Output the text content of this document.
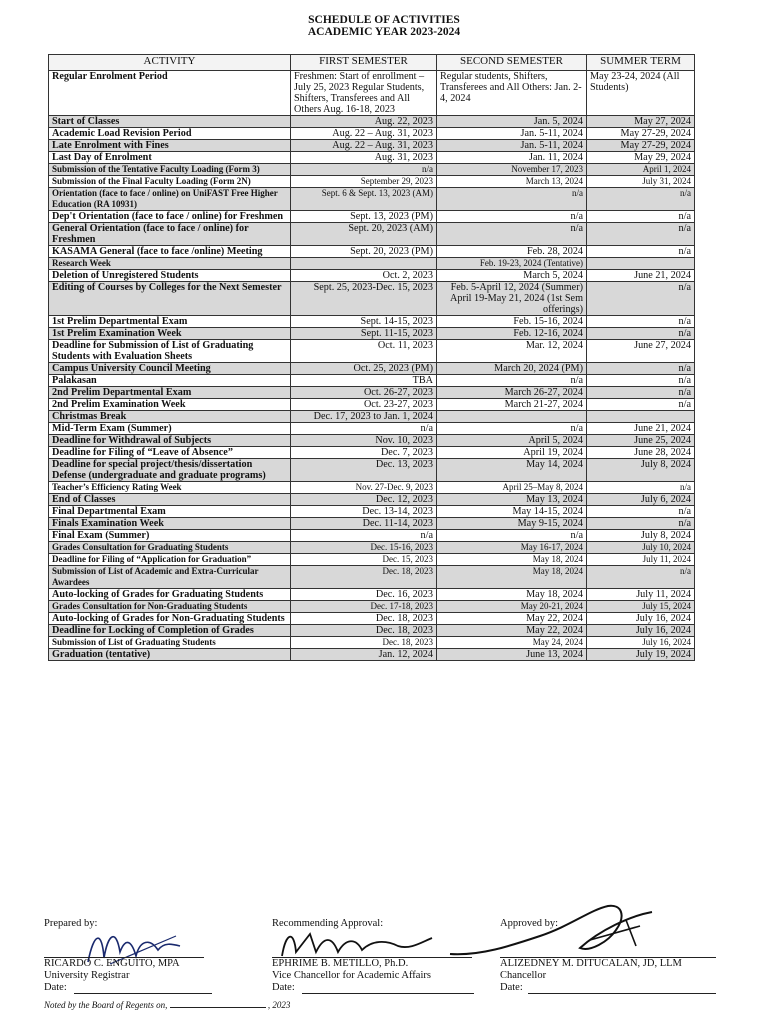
SCHEDULE OF ACTIVITIES
ACADEMIC YEAR 2023-2024
ACTIVITY	FIRST SEMESTER	SECOND SEMESTER	SUMMER TERM
Regular Enrolment Period	Freshmen: Start of enrollment – July 25, 2023 Regular Students, Shifters, Transferees and All Others Aug. 16-18, 2023	Regular students, Shifters, Transferees and All Others: Jan. 2-4, 2024	May 23-24, 2024 (All Students)
Start of Classes	Aug. 22, 2023	Jan. 5, 2024	May 27, 2024
Academic Load Revision Period	Aug. 22 – Aug. 31, 2023	Jan. 5-11, 2024	May 27-29, 2024
Late Enrolment with Fines	Aug. 22 – Aug. 31, 2023	Jan. 5-11, 2024	May 27-29, 2024
Last Day of Enrolment	Aug. 31, 2023	Jan. 11, 2024	May 29, 2024
Submission of the Tentative Faculty Loading (Form 3)	n/a	November 17, 2023	April 1, 2024
Submission of the Final Faculty Loading (Form 2N)	September 29, 2023	March 13, 2024	July 31, 2024
Orientation (face to face / online) on UniFAST Free Higher Education (RA 10931)	Sept. 6 & Sept. 13, 2023 (AM)	n/a	n/a
Dep't Orientation (face to face / online) for Freshmen	Sept. 13, 2023 (PM)	n/a	n/a
General Orientation (face to face / online) for Freshmen	Sept. 20, 2023 (AM)	n/a	n/a
KASAMA General (face to face /online) Meeting	Sept. 20, 2023 (PM)	Feb. 28, 2024	n/a
Research Week		Feb. 19-23, 2024 (Tentative)	
Deletion of Unregistered Students	Oct. 2, 2023	March 5, 2024	June 21, 2024
Editing of Courses by Colleges for the Next Semester	Sept. 25, 2023-Dec. 15, 2023	Feb. 5-April 12, 2024 (Summer) April 19-May 21, 2024 (1st Sem offerings)	n/a
1st Prelim Departmental Exam	Sept. 14-15, 2023	Feb. 15-16, 2024	n/a
1st Prelim Examination Week	Sept. 11-15, 2023	Feb. 12-16, 2024	n/a
Deadline for Submission of List of Graduating Students with Evaluation Sheets	Oct. 11, 2023	Mar. 12, 2024	June 27, 2024
Campus University Council Meeting	Oct. 25, 2023 (PM)	March 20, 2024 (PM)	n/a
Palakasan	TBA	n/a	n/a
2nd Prelim Departmental Exam	Oct. 26-27, 2023	March 26-27, 2024	n/a
2nd Prelim Examination Week	Oct. 23-27, 2023	March 21-27, 2024	n/a
Christmas Break	Dec. 17, 2023 to Jan. 1, 2024		
Mid-Term Exam (Summer)	n/a	n/a	June 21, 2024
Deadline for Withdrawal of Subjects	Nov. 10, 2023	April 5, 2024	June 25, 2024
Deadline for Filing of “Leave of Absence”	Dec. 7, 2023	April 19, 2024	June 28, 2024
Deadline for special project/thesis/dissertation Defense (undergraduate and graduate programs)	Dec. 13, 2023	May 14, 2024	July 8, 2024
Teacher’s Efficiency Rating Week	Nov. 27-Dec. 9, 2023	April 25–May 8, 2024	n/a
End of Classes	Dec. 12, 2023	May 13, 2024	July 6, 2024
Final Departmental Exam	Dec. 13-14, 2023	May 14-15, 2024	n/a
Finals Examination Week	Dec. 11-14, 2023	May 9-15, 2024	n/a
Final Exam (Summer)	n/a	n/a	July 8, 2024
Grades Consultation for Graduating Students	Dec. 15-16, 2023	May 16-17, 2024	July 10, 2024
Deadline for Filing of “Application for Graduation”	Dec. 15, 2023	May 18, 2024	July 11, 2024
Submission of List of Academic and Extra-Curricular Awardees	Dec. 18, 2023	May 18, 2024	n/a
Auto-locking of Grades for Graduating Students	Dec. 16, 2023	May 18, 2024	July 11, 2024
Grades Consultation for Non-Graduating Students	Dec. 17-18, 2023	May 20-21, 2024	July 15, 2024
Auto-locking of Grades for Non-Graduating Students	Dec. 18, 2023	May 22, 2024	July 16, 2024
Deadline for Locking of Completion of Grades	Dec. 18, 2023	May 22, 2024	July 16, 2024
Submission of List of Graduating Students	Dec. 18, 2023	May 24, 2024	July 16, 2024
Graduation (tentative)	Jan. 12, 2024	June 13, 2024	July 19, 2024
Prepared by:
RICARDO C. ENGUITO, MPA
University Registrar
Date:
Recommending Approval:
EPHRIME B. METILLO, Ph.D.
Vice Chancellor for Academic Affairs
Date:
Approved by:
ALIZEDNEY M. DITUCALAN, JD, LLM
Chancellor
Date:
Noted by the Board of Regents on,	, 2023
